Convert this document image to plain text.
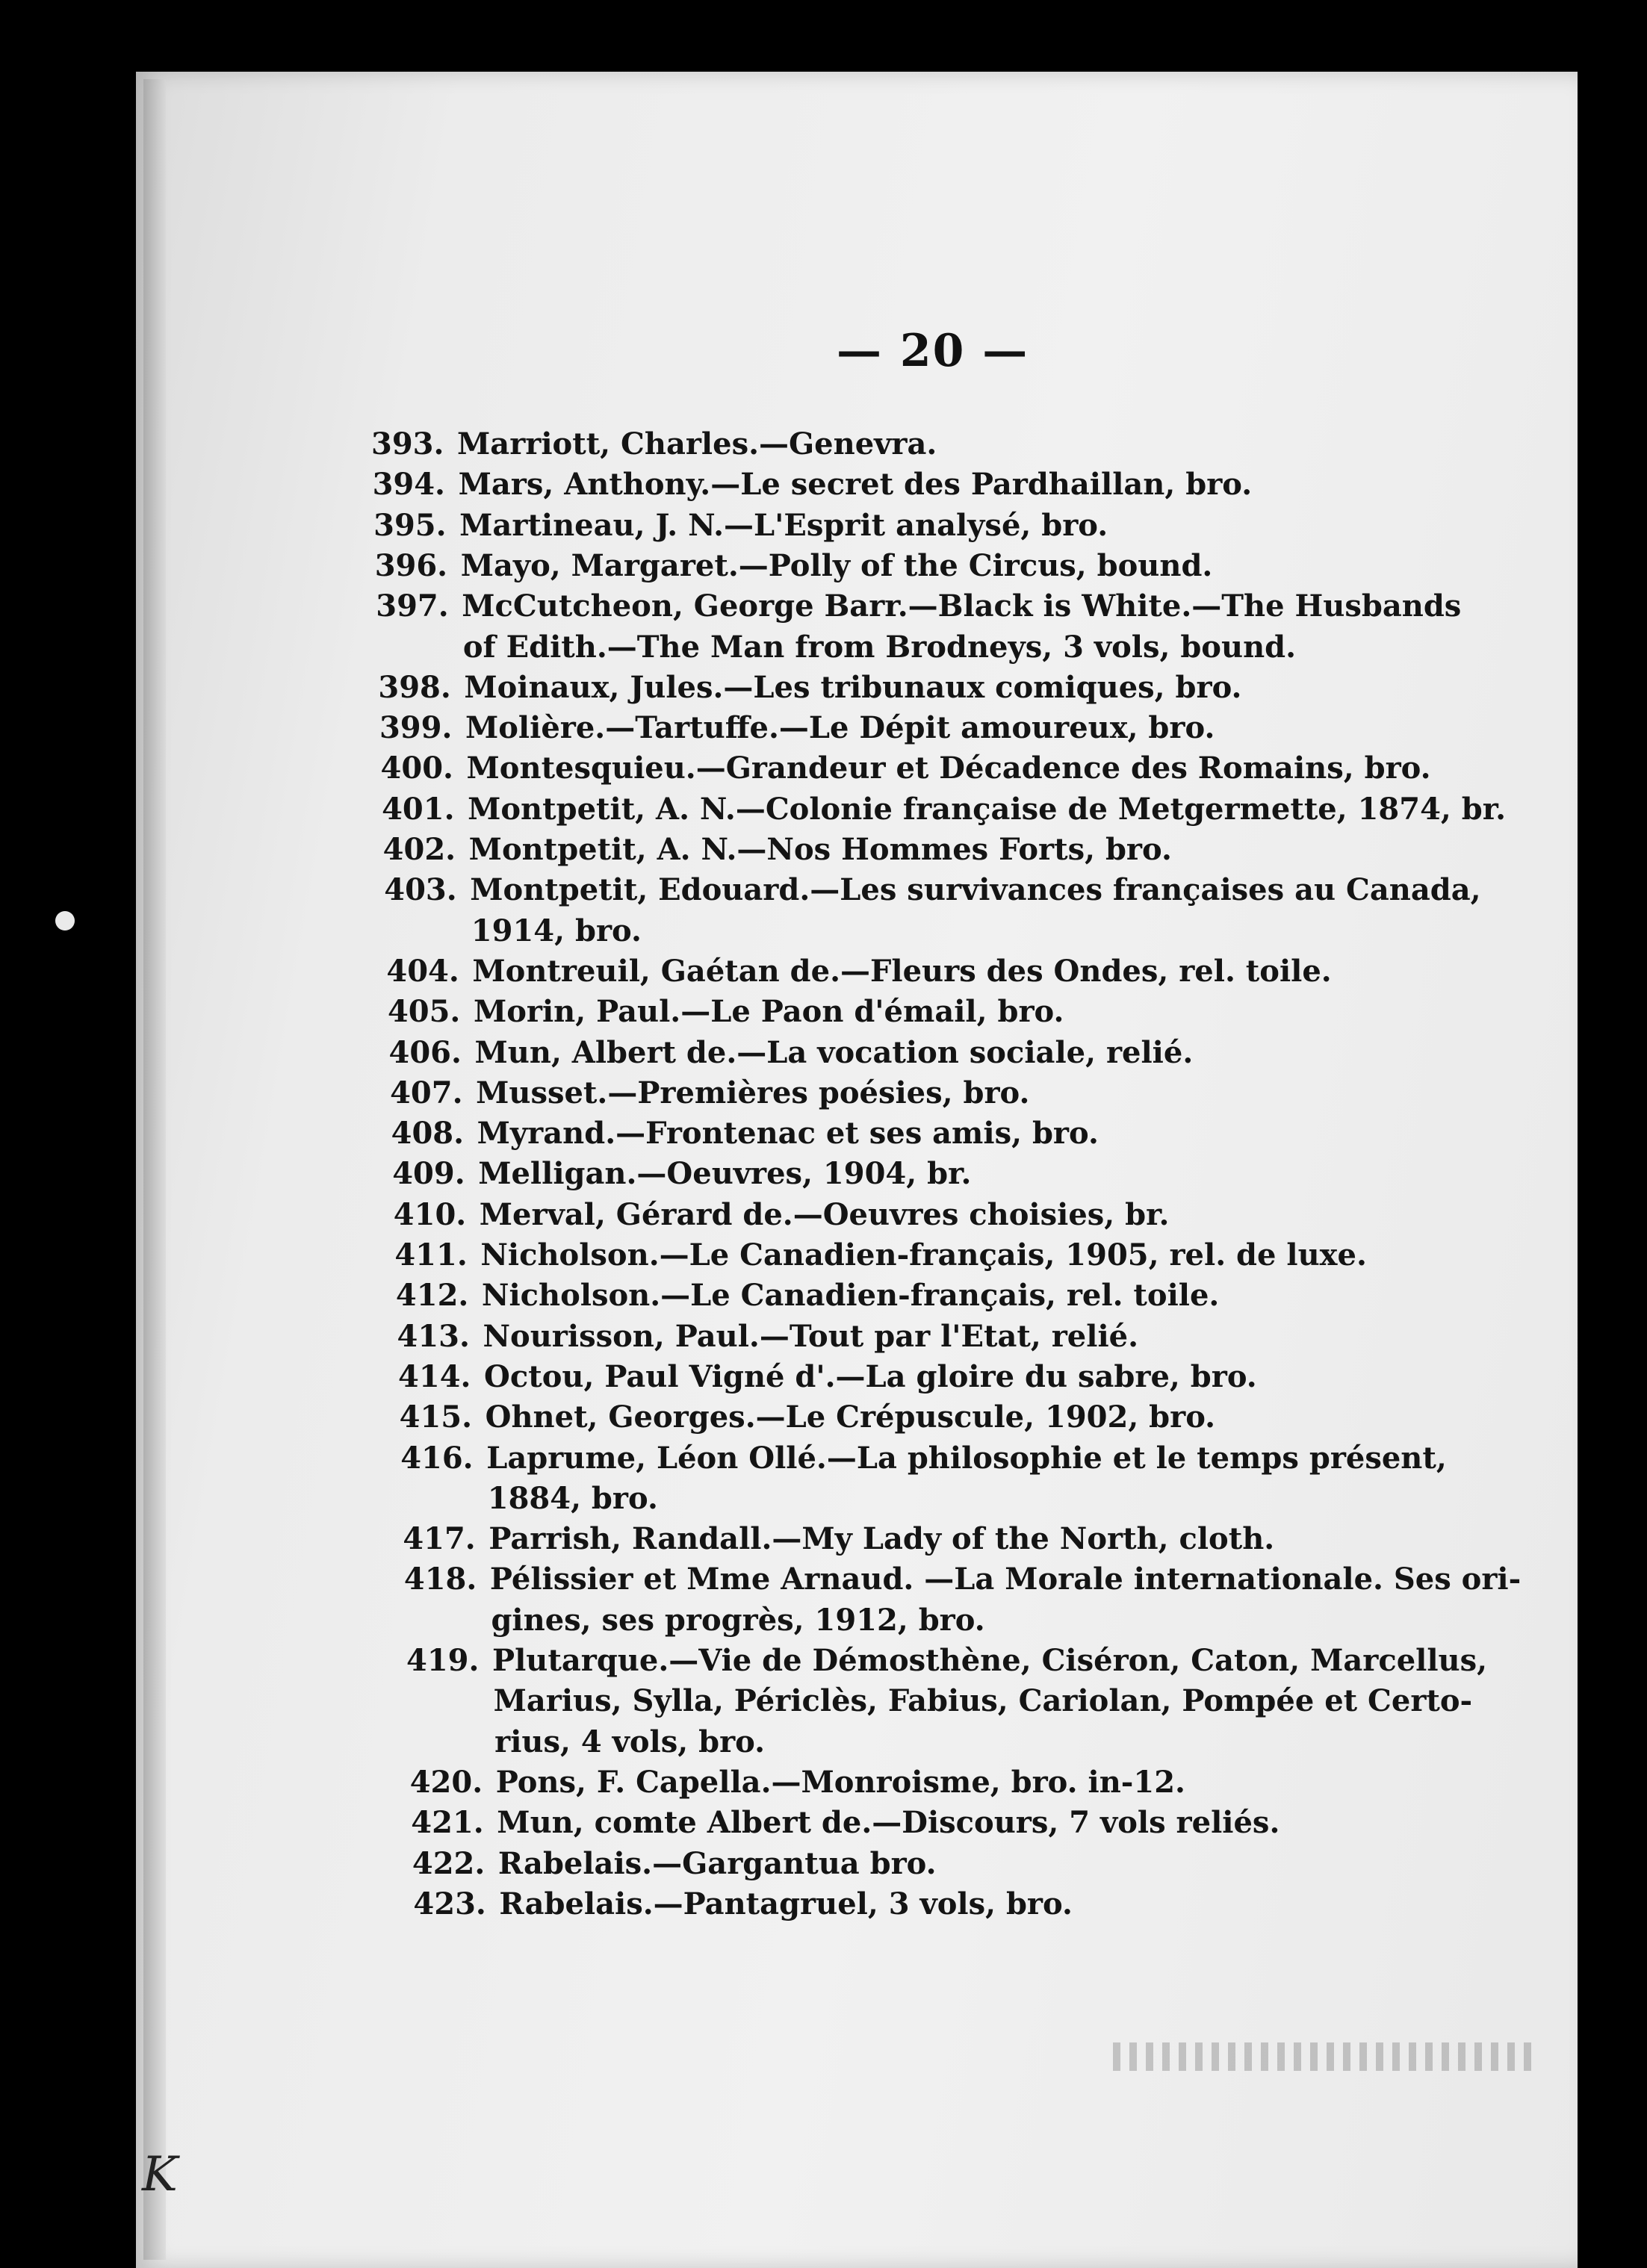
— 20 —
393. Marriott, Charles.—Genevra.
394. Mars, Anthony.—Le secret des Pardhaillan, bro.
395. Martineau, J. N.—L'Esprit analysé, bro.
396. Mayo, Margaret.—Polly of the Circus, bound.
397. McCutcheon, George Barr.—Black is White.—The Husbands
of Edith.—The Man from Brodneys, 3 vols, bound.
398. Moinaux, Jules.—Les tribunaux comiques, bro.
399. Molière.—Tartuffe.—Le Dépit amoureux, bro.
400. Montesquieu.—Grandeur et Décadence des Romains, bro.
401. Montpetit, A. N.—Colonie française de Metgermette, 1874, br.
402. Montpetit, A. N.—Nos Hommes Forts, bro.
403. Montpetit, Edouard.—Les survivances françaises au Canada,
1914, bro.
404. Montreuil, Gaétan de.—Fleurs des Ondes, rel. toile.
405. Morin, Paul.—Le Paon d'émail, bro.
406. Mun, Albert de.—La vocation sociale, relié.
407. Musset.—Premières poésies, bro.
408. Myrand.—Frontenac et ses amis, bro.
409. Melligan.—Oeuvres, 1904, br.
410. Merval, Gérard de.—Oeuvres choisies, br.
411. Nicholson.—Le Canadien-français, 1905, rel. de luxe.
412. Nicholson.—Le Canadien-français, rel. toile.
413. Nourisson, Paul.—Tout par l'Etat, relié.
414. Octou, Paul Vigné d'.—La gloire du sabre, bro.
415. Ohnet, Georges.—Le Crépuscule, 1902, bro.
416. Laprume, Léon Ollé.—La philosophie et le temps présent,
1884, bro.
417. Parrish, Randall.—My Lady of the North, cloth.
418. Pélissier et Mme Arnaud. —La Morale internationale. Ses ori-
gines, ses progrès, 1912, bro.
419. Plutarque.—Vie de Démosthène, Ciséron, Caton, Marcellus,
Marius, Sylla, Périclès, Fabius, Cariolan, Pompée et Certo-
rius, 4 vols, bro.
420. Pons, F. Capella.—Monroisme, bro. in-12.
421. Mun, comte Albert de.—Discours, 7 vols reliés.
422. Rabelais.—Gargantua bro.
423. Rabelais.—Pantagruel, 3 vols, bro.
K
